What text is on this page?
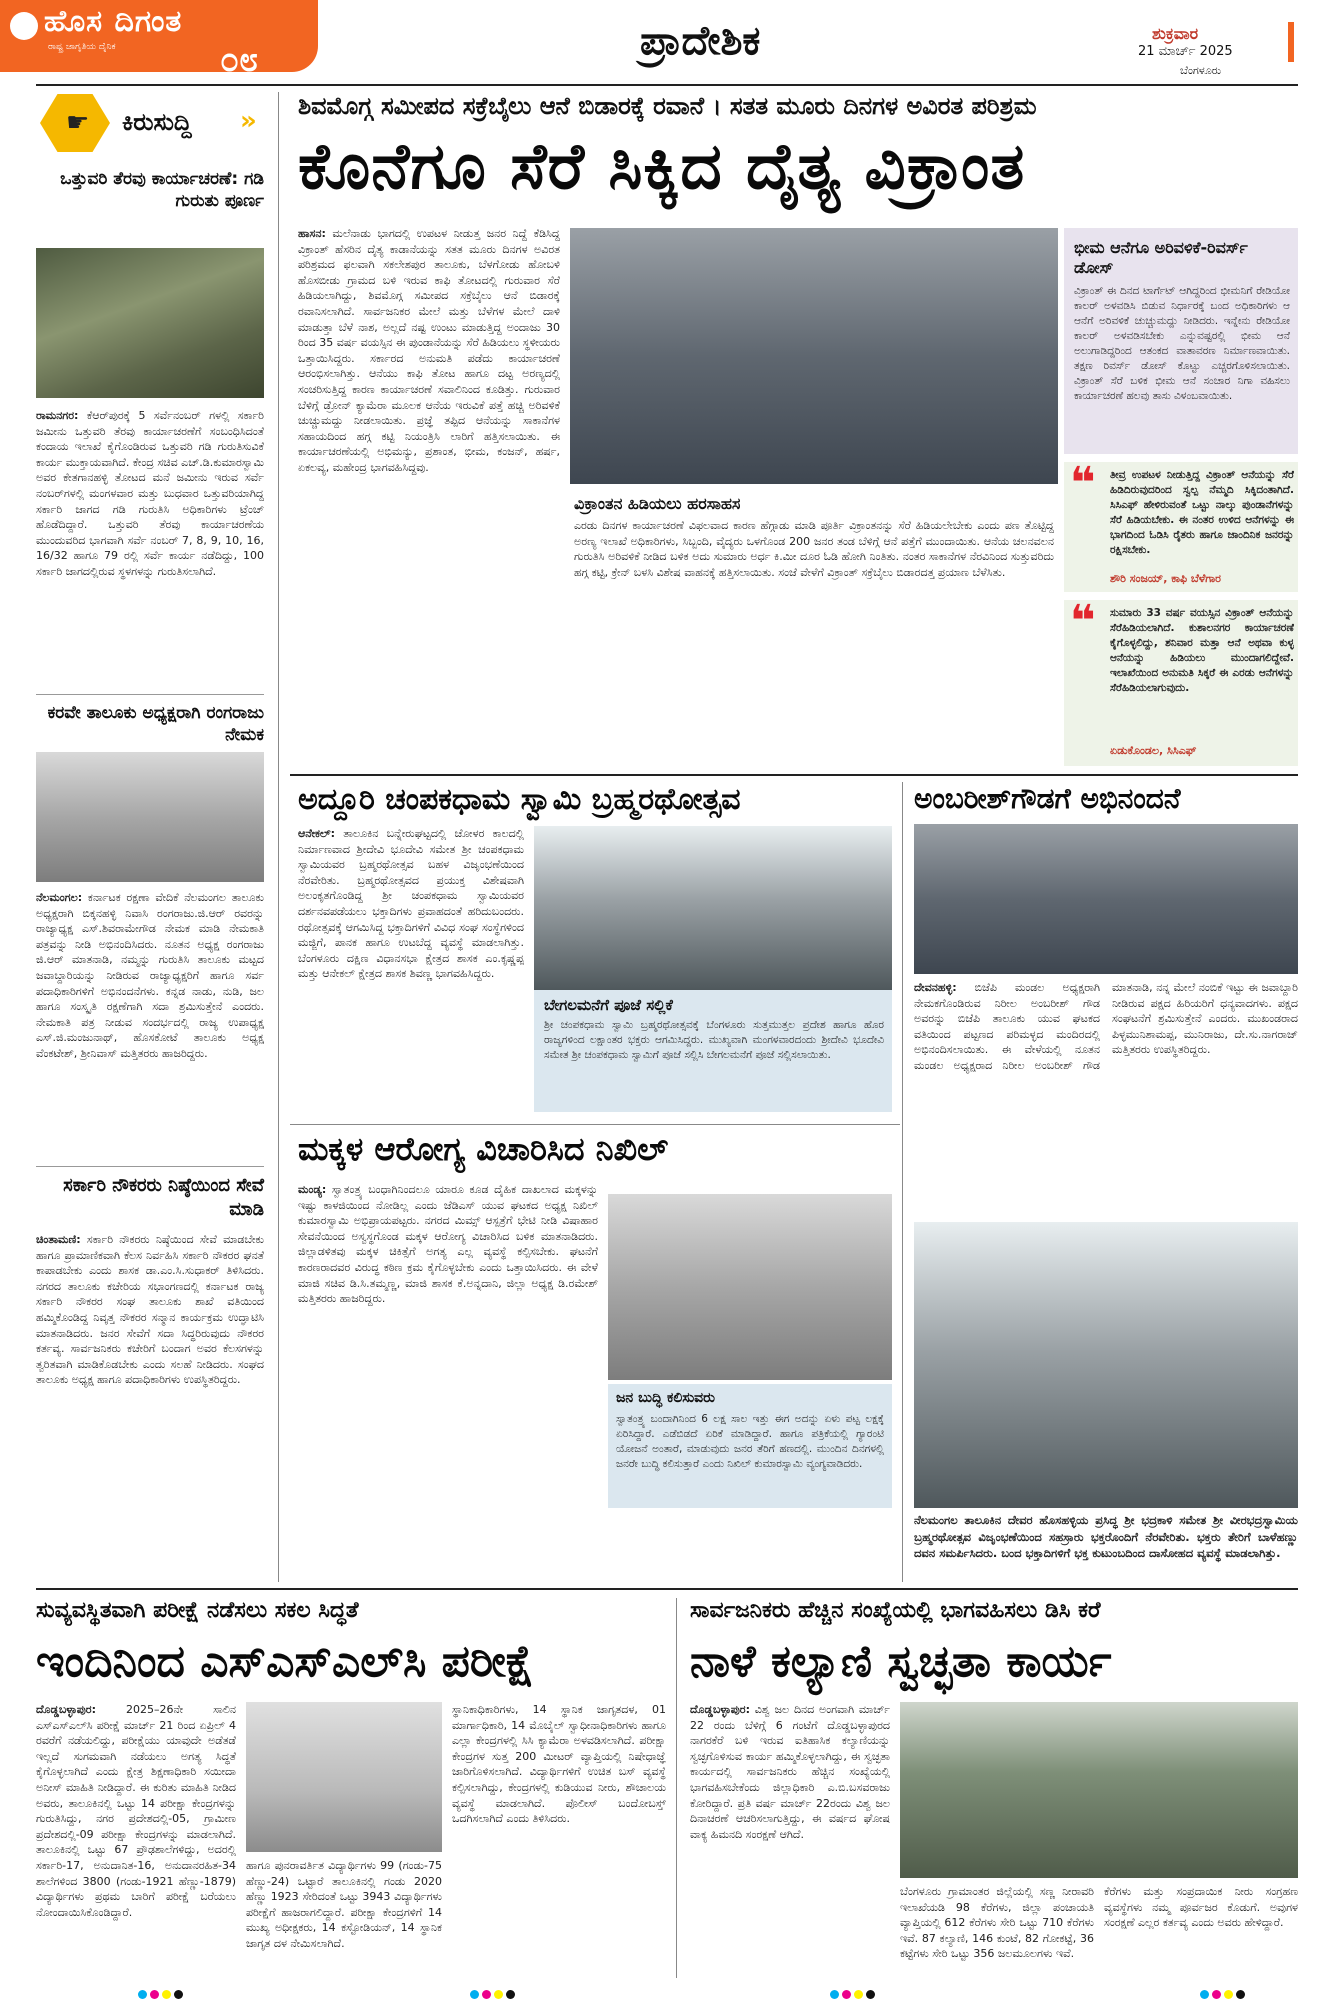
ಹೊಸ ದಿಗಂತ
ರಾಷ್ಟ್ರ ಜಾಗೃತಿಯ ದೈನಿಕ	೦೮	ಪ್ರಾದೇಶಿಕ	ಶುಕ್ರವಾರ
21 ಮಾರ್ಚ್ 2025
ಬೆಂಗಳೂರು
☛ ಕಿರುಸುದ್ದಿ »
ಒತ್ತುವರಿ ತೆರವು ಕಾರ್ಯಾಚರಣೆ: ಗಡಿ ಗುರುತು ಪೂರ್ಣ
ರಾಮನಗರ: ಕೆಆರ್‌ಪುರಕ್ಕೆ 5 ಸರ್ವೆನಂಬರ್ ಗಳಲ್ಲಿ ಸರ್ಕಾರಿ ಜಮೀನು ಒತ್ತುವರಿ ತೆರವು ಕಾರ್ಯಾಚರಣೆಗೆ ಸಂಬಂಧಿಸಿದಂತೆ ಕಂದಾಯ ಇಲಾಖೆ ಕೈಗೊಂಡಿರುವ ಒತ್ತುವರಿ ಗಡಿ ಗುರುತಿಸುವಿಕೆ ಕಾರ್ಯ ಮುಕ್ತಾಯವಾಗಿದೆ. ಕೇಂದ್ರ ಸಚಿವ ಎಚ್.ಡಿ.ಕುಮಾರಸ್ವಾಮಿ ಅವರ ಕೇತಗಾನಹಳ್ಳಿ ತೋಟದ ಮನೆ ಜಮೀನು ಇರುವ ಸರ್ವೆ ನಂಬರ್‌ಗಳಲ್ಲಿ ಮಂಗಳವಾರ ಮತ್ತು ಬುಧವಾರ ಒತ್ತುವರಿಯಾಗಿದ್ದ ಸರ್ಕಾರಿ ಜಾಗದ ಗಡಿ ಗುರುತಿಸಿ ಅಧಿಕಾರಿಗಳು ಟ್ರೆಂಚ್ ಹೊಡೆದಿದ್ದಾರೆ. ಒತ್ತುವರಿ ತೆರವು ಕಾರ್ಯಾಚರಣೆಯ ಮುಂದುವರಿದ ಭಾಗವಾಗಿ ಸರ್ವೆ ನಂಬರ್ 7, 8, 9, 10, 16, 16/32 ಹಾಗೂ 79 ರಲ್ಲಿ ಸರ್ವೆ ಕಾರ್ಯ ನಡೆದಿದ್ದು, 100 ಸರ್ಕಾರಿ ಜಾಗದಲ್ಲಿರುವ ಸ್ಥಳಗಳನ್ನು ಗುರುತಿಸಲಾಗಿದೆ.
ಕರವೇ ತಾಲೂಕು ಅಧ್ಯಕ್ಷರಾಗಿ ರಂಗರಾಜು ನೇಮಕ
ನೆಲಮಂಗಲ: ಕರ್ನಾಟಕ ರಕ್ಷಣಾ ವೇದಿಕೆ ನೆಲಮಂಗಲ ತಾಲೂಕು ಅಧ್ಯಕ್ಷರಾಗಿ ಬಿಕ್ಕನಹಳ್ಳಿ ನಿವಾಸಿ ರಂಗರಾಜು.ಜಿ.ಆರ್ ರವರನ್ನು ರಾಜ್ಯಾಧ್ಯಕ್ಷ ಎಸ್.ಶಿವರಾಮೇಗೌಡ ನೇಮಕ ಮಾಡಿ ನೇಮಕಾತಿ ಪತ್ರವನ್ನು ನೀಡಿ ಅಭಿನಂದಿಸಿದರು. ನೂತನ ಅಧ್ಯಕ್ಷ ರಂಗರಾಜು ಜಿ.ಆರ್ ಮಾತನಾಡಿ, ನಮ್ಮನ್ನು ಗುರುತಿಸಿ ತಾಲೂಕು ಮಟ್ಟದ ಜವಾಬ್ದಾರಿಯನ್ನು ನೀಡಿರುವ ರಾಜ್ಯಾಧ್ಯಕ್ಷರಿಗೆ ಹಾಗೂ ಸರ್ವ ಪದಾಧಿಕಾರಿಗಳಿಗೆ ಅಭಿನಂದನೆಗಳು. ಕನ್ನಡ ನಾಡು, ನುಡಿ, ಜಲ ಹಾಗೂ ಸಂಸ್ಕೃತಿ ರಕ್ಷಣೆಗಾಗಿ ಸದಾ ಶ್ರಮಿಸುತ್ತೇನೆ ಎಂದರು. ನೇಮಕಾತಿ ಪತ್ರ ನೀಡುವ ಸಂದರ್ಭದಲ್ಲಿ ರಾಜ್ಯ ಉಪಾಧ್ಯಕ್ಷ ಎಸ್.ಜಿ.ಮಂಜುನಾಥ್, ಹೊಸಕೋಟೆ ತಾಲೂಕು ಅಧ್ಯಕ್ಷ ವೆಂಕಟೇಶ್, ಶ್ರೀನಿವಾಸ್ ಮತ್ತಿತರರು ಹಾಜರಿದ್ದರು.
ಸರ್ಕಾರಿ ನೌಕರರು ನಿಷ್ಠೆಯಿಂದ ಸೇವೆ ಮಾಡಿ
ಚಿಂತಾಮಣಿ: ಸರ್ಕಾರಿ ನೌಕರರು ನಿಷ್ಠೆಯಿಂದ ಸೇವೆ ಮಾಡಬೇಕು ಹಾಗೂ ಪ್ರಾಮಾಣಿಕವಾಗಿ ಕೆಲಸ ನಿರ್ವಹಿಸಿ ಸರ್ಕಾರಿ ನೌಕರರ ಘನತೆ ಕಾಪಾಡಬೇಕು ಎಂದು ಶಾಸಕ ಡಾ.ಎಂ.ಸಿ.ಸುಧಾಕರ್ ತಿಳಿಸಿದರು. ನಗರದ ತಾಲೂಕು ಕಚೇರಿಯ ಸಭಾಂಗಣದಲ್ಲಿ ಕರ್ನಾಟಕ ರಾಜ್ಯ ಸರ್ಕಾರಿ ನೌಕರರ ಸಂಘ ತಾಲೂಕು ಶಾಖೆ ವತಿಯಿಂದ ಹಮ್ಮಿಕೊಂಡಿದ್ದ ನಿವೃತ್ತ ನೌಕರರ ಸನ್ಮಾನ ಕಾರ್ಯಕ್ರಮ ಉದ್ಘಾಟಿಸಿ ಮಾತನಾಡಿದರು. ಜನರ ಸೇವೆಗೆ ಸದಾ ಸಿದ್ಧರಿರುವುದು ನೌಕರರ ಕರ್ತವ್ಯ. ಸಾರ್ವಜನಿಕರು ಕಚೇರಿಗೆ ಬಂದಾಗ ಅವರ ಕೆಲಸಗಳನ್ನು ತ್ವರಿತವಾಗಿ ಮಾಡಿಕೊಡಬೇಕು ಎಂದು ಸಲಹೆ ನೀಡಿದರು. ಸಂಘದ ತಾಲೂಕು ಅಧ್ಯಕ್ಷ ಹಾಗೂ ಪದಾಧಿಕಾರಿಗಳು ಉಪಸ್ಥಿತರಿದ್ದರು.
ಶಿವಮೊಗ್ಗ ಸಮೀಪದ ಸಕ್ರೆಬೈಲು ಆನೆ ಬಿಡಾರಕ್ಕೆ ರವಾನೆ । ಸತತ ಮೂರು ದಿನಗಳ ಅವಿರತ ಪರಿಶ್ರಮ
ಕೊನೆಗೂ ಸೆರೆ ಸಿಕ್ಕಿದ ದೈತ್ಯ ವಿಕ್ರಾಂತ
ಹಾಸನ: ಮಲೆನಾಡು ಭಾಗದಲ್ಲಿ ಉಪಟಳ ನೀಡುತ್ತ ಜನರ ನಿದ್ದೆ ಕೆಡಿಸಿದ್ದ ವಿಕ್ರಾಂತ್ ಹೆಸರಿನ ದೈತ್ಯ ಕಾಡಾನೆಯನ್ನು ಸತತ ಮೂರು ದಿನಗಳ ಅವಿರತ ಪರಿಶ್ರಮದ ಫಲವಾಗಿ ಸಕಲೇಶಪುರ ತಾಲೂಕು, ಬೆಳಗೋಡು ಹೋಬಳಿ ಹೊಸಬೀಡು ಗ್ರಾಮದ ಬಳಿ ಇರುವ ಕಾಫಿ ತೋಟದಲ್ಲಿ ಗುರುವಾರ ಸೆರೆ ಹಿಡಿಯಲಾಗಿದ್ದು, ಶಿವಮೊಗ್ಗ ಸಮೀಪದ ಸಕ್ರೆಬೈಲು ಆನೆ ಬಿಡಾರಕ್ಕೆ ರವಾನಿಸಲಾಗಿದೆ. ಸಾರ್ವಜನಿಕರ ಮೇಲೆ ಮತ್ತು ಬೆಳೆಗಳ ಮೇಲೆ ದಾಳಿ ಮಾಡುತ್ತಾ ಬೆಳೆ ನಾಶ, ಅಲ್ಲದೆ ನಷ್ಟ ಉಂಟು ಮಾಡುತ್ತಿದ್ದ ಅಂದಾಜು 30 ರಿಂದ 35 ವರ್ಷ ವಯಸ್ಸಿನ ಈ ಪುಂಡಾನೆಯನ್ನು ಸೆರೆ ಹಿಡಿಯಲು ಸ್ಥಳೀಯರು ಒತ್ತಾಯಿಸಿದ್ದರು. ಸರ್ಕಾರದ ಅನುಮತಿ ಪಡೆದು ಕಾರ್ಯಾಚರಣೆ ಆರಂಭಿಸಲಾಗಿತ್ತು. ಆನೆಯು ಕಾಫಿ ತೋಟ ಹಾಗೂ ದಟ್ಟ ಅರಣ್ಯದಲ್ಲಿ ಸಂಚರಿಸುತ್ತಿದ್ದ ಕಾರಣ ಕಾರ್ಯಾಚರಣೆ ಸವಾಲಿನಿಂದ ಕೂಡಿತ್ತು. ಗುರುವಾರ ಬೆಳಿಗ್ಗೆ ಡ್ರೋನ್ ಕ್ಯಾಮೆರಾ ಮೂಲಕ ಆನೆಯ ಇರುವಿಕೆ ಪತ್ತೆ ಹಚ್ಚಿ ಅರಿವಳಿಕೆ ಚುಚ್ಚುಮದ್ದು ನೀಡಲಾಯಿತು. ಪ್ರಜ್ಞೆ ತಪ್ಪಿದ ಆನೆಯನ್ನು ಸಾಕಾನೆಗಳ ಸಹಾಯದಿಂದ ಹಗ್ಗ ಕಟ್ಟಿ ನಿಯಂತ್ರಿಸಿ ಲಾರಿಗೆ ಹತ್ತಿಸಲಾಯಿತು. ಈ ಕಾರ್ಯಾಚರಣೆಯಲ್ಲಿ ಅಭಿಮನ್ಯು, ಪ್ರಶಾಂತ, ಭೀಮ, ಕಂಜನ್, ಹರ್ಷ, ಏಕಲವ್ಯ, ಮಹೇಂದ್ರ ಭಾಗವಹಿಸಿದ್ದವು.
ವಿಕ್ರಾಂತನ ಹಿಡಿಯಲು ಹರಸಾಹಸ
ಎರಡು ದಿನಗಳ ಕಾರ್ಯಾಚರಣೆ ವಿಫಲವಾದ ಕಾರಣ ಹೆಗ್ಗಾಡು ಮಾಡಿ ಪೂರ್ತಿ ವಿಕ್ರಾಂತನನ್ನು ಸೆರೆ ಹಿಡಿಯಲೇಬೇಕು ಎಂದು ಪಣ ತೊಟ್ಟಿದ್ದ ಅರಣ್ಯ ಇಲಾಖೆ ಅಧಿಕಾರಿಗಳು, ಸಿಬ್ಬಂದಿ, ವೈದ್ಯರು ಒಳಗೊಂಡ 200 ಜನರ ತಂಡ ಬೆಳಿಗ್ಗೆ ಆನೆ ಪತ್ತೆಗೆ ಮುಂದಾಯಿತು. ಆನೆಯ ಚಲನವಲನ ಗುರುತಿಸಿ ಅರಿವಳಿಕೆ ನೀಡಿದ ಬಳಿಕ ಅದು ಸುಮಾರು ಅರ್ಧ ಕಿ.ಮೀ ದೂರ ಓಡಿ ಹೋಗಿ ನಿಂತಿತು. ನಂತರ ಸಾಕಾನೆಗಳ ನೆರವಿನಿಂದ ಸುತ್ತುವರಿದು ಹಗ್ಗ ಕಟ್ಟಿ, ಕ್ರೇನ್ ಬಳಸಿ ವಿಶೇಷ ವಾಹನಕ್ಕೆ ಹತ್ತಿಸಲಾಯಿತು. ಸಂಜೆ ವೇಳೆಗೆ ವಿಕ್ರಾಂತ್ ಸಕ್ರೆಬೈಲು ಬಿಡಾರದತ್ತ ಪ್ರಯಾಣ ಬೆಳೆಸಿತು.
ಭೀಮ ಆನೆಗೂ ಅರಿವಳಿಕೆ-ರಿವರ್ಸ್ ಡೋಸ್
ವಿಕ್ರಾಂತ್ ಈ ದಿನದ ಟಾರ್ಗೆಟ್ ಆಗಿದ್ದರಿಂದ ಭೀಮನಿಗೆ ರೇಡಿಯೋ ಕಾಲರ್ ಅಳವಡಿಸಿ ಬಿಡುವ ನಿರ್ಧಾರಕ್ಕೆ ಬಂದ ಅಧಿಕಾರಿಗಳು ಆ ಆನೆಗೆ ಅರಿವಳಿಕೆ ಚುಚ್ಚುಮದ್ದು ನೀಡಿದರು. ಇನ್ನೇನು ರೇಡಿಯೋ ಕಾಲರ್ ಅಳವಡಿಸಬೇಕು ಎನ್ನುವಷ್ಟರಲ್ಲಿ ಭೀಮ ಆನೆ ಅಲುಗಾಡಿದ್ದರಿಂದ ಆತಂಕದ ವಾತಾವರಣ ನಿರ್ಮಾಣವಾಯಿತು. ತಕ್ಷಣ ರಿವರ್ಸ್ ಡೋಸ್ ಕೊಟ್ಟು ಎಚ್ಚರಗೊಳಿಸಲಾಯಿತು. ವಿಕ್ರಾಂತ್ ಸೆರೆ ಬಳಿಕ ಭೀಮ ಆನೆ ಸಂಚಾರ ನಿಗಾ ವಹಿಸಲು ಕಾರ್ಯಾಚರಣೆ ಹಲವು ತಾಸು ವಿಳಂಬವಾಯಿತು.
❝ ತೀವ್ರ ಉಪಟಳ ನೀಡುತ್ತಿದ್ದ ವಿಕ್ರಾಂತ್ ಆನೆಯನ್ನು ಸೆರೆ ಹಿಡಿದಿರುವುದರಿಂದ ಸ್ವಲ್ಪ ನೆಮ್ಮದಿ ಸಿಕ್ಕಿದಂತಾಗಿದೆ. ಸಿಸಿಎಫ್ ಹೇಳಿರುವಂತೆ ಒಟ್ಟು ನಾಲ್ಕು ಪುಂಡಾನೆಗಳನ್ನು ಸೆರೆ ಹಿಡಿಯಬೇಕು. ಈ ನಂತರ ಉಳಿದ ಆನೆಗಳನ್ನು ಈ ಭಾಗದಿಂದ ಓಡಿಸಿ ರೈತರು ಹಾಗೂ ಜಾಂದಿನಿಕ ಜನರನ್ನು ರಕ್ಷಿಸಬೇಕು.
ಶೌರಿ ಸಂಜಯ್, ಕಾಫಿ ಬೆಳೆಗಾರ
❝ ಸುಮಾರು 33 ವರ್ಷ ವಯಸ್ಸಿನ ವಿಕ್ರಾಂತ್ ಆನೆಯನ್ನು ಸೆರೆಹಿಡಿಯಲಾಗಿದೆ. ಕುಶಾಲನಗರ ಕಾರ್ಯಾಚರಣೆ ಕೈಗೊಳ್ಳಲಿದ್ದು, ಶನಿವಾರ ಮತ್ತಾ ಆನೆ ಅಥವಾ ಕುಳ್ಳ ಆನೆಯನ್ನು ಹಿಡಿಯಲು ಮುಂದಾಗಲಿದ್ದೇವೆ. ಇಲಾಖೆಯಿಂದ ಅನುಮತಿ ಸಿಕ್ಕರೆ ಈ ಎರಡು ಆನೆಗಳನ್ನು ಸೆರೆಹಿಡಿಯಲಾಗುವುದು.
ಏಡುಕೊಂಡಲ, ಸಿಸಿಎಫ್
ಅದ್ದೂರಿ ಚಂಪಕಧಾಮ ಸ್ವಾಮಿ ಬ್ರಹ್ಮರಥೋತ್ಸವ
ಆನೇಕಲ್: ತಾಲೂಕಿನ ಬನ್ನೇರುಘಟ್ಟದಲ್ಲಿ ಚೋಳರ ಕಾಲದಲ್ಲಿ ನಿರ್ಮಾಣವಾದ ಶ್ರೀದೇವಿ ಭೂದೇವಿ ಸಮೇತ ಶ್ರೀ ಚಂಪಕಧಾಮ ಸ್ವಾಮಿಯವರ ಬ್ರಹ್ಮರಥೋತ್ಸವ ಬಹಳ ವಿಜೃಂಭಣೆಯಿಂದ ನೆರವೇರಿತು. ಬ್ರಹ್ಮರಥೋತ್ಸವದ ಪ್ರಯುಕ್ತ ವಿಶೇಷವಾಗಿ ಅಲಂಕೃತಗೊಂಡಿದ್ದ ಶ್ರೀ ಚಂಪಕಧಾಮ ಸ್ವಾಮಿಯವರ ದರ್ಶನವಪಡೆಯಲು ಭಕ್ತಾದಿಗಳು ಪ್ರವಾಹದಂತೆ ಹರಿದುಬಂದರು. ರಥೋತ್ಸವಕ್ಕೆ ಆಗಮಿಸಿದ್ದ ಭಕ್ತಾದಿಗಳಿಗೆ ವಿವಿಧ ಸಂಘ ಸಂಸ್ಥೆಗಳಿಂದ ಮಜ್ಜಿಗೆ, ಪಾನಕ ಹಾಗೂ ಉಟಬೆದ್ದ ವ್ಯವಸ್ಥೆ ಮಾಡಲಾಗಿತ್ತು. ಬೆಂಗಳೂರು ದಕ್ಷಿಣ ವಿಧಾನಸಭಾ ಕ್ಷೇತ್ರದ ಶಾಸಕ ಎಂ.ಕೃಷ್ಣಪ್ಪ ಮತ್ತು ಆನೇಕಲ್ ಕ್ಷೇತ್ರದ ಶಾಸಕ ಶಿವಣ್ಣ ಭಾಗವಹಿಸಿದ್ದರು.
ಬೇಗಲಮನೆಗೆ ಪೂಜೆ ಸಲ್ಲಿಕೆ
ಶ್ರೀ ಚಂಪಕಧಾಮ ಸ್ವಾಮಿ ಬ್ರಹ್ಮರಥೋತ್ಸವಕ್ಕೆ ಬೆಂಗಳೂರು ಸುತ್ತಮುತ್ತಲ ಪ್ರದೇಶ ಹಾಗೂ ಹೊರ ರಾಜ್ಯಗಳಿಂದ ಲಕ್ಷಾಂತರ ಭಕ್ತರು ಆಗಮಿಸಿದ್ದರು. ಮುಖ್ಯವಾಗಿ ಮಂಗಳವಾರದಂದು ಶ್ರೀದೇವಿ ಭೂದೇವಿ ಸಮೇತ ಶ್ರೀ ಚಂಪಕಧಾಮ ಸ್ವಾಮಿಗೆ ಪೂಜೆ ಸಲ್ಲಿಸಿ ಬೇಗಲಮನೆಗೆ ಪೂಜೆ ಸಲ್ಲಿಸಲಾಯಿತು.
ಅಂಬರೀಶ್‌ಗೌಡಗೆ ಅಭಿನಂದನೆ
ದೇವನಹಳ್ಳಿ: ಬಿಜೆಪಿ ಮಂಡಲ ಅಧ್ಯಕ್ಷರಾಗಿ ನೇಮಕಗೊಂಡಿರುವ ನಿರೀಲ ಅಂಬರೀಶ್ ಗೌಡ ಅವರನ್ನು ಬಿಜೆಪಿ ತಾಲೂಕು ಯುವ ಘಟಕದ ವತಿಯಿಂದ ಪಟ್ಟಣದ ಪರಿಮಳ್ಳದ ಮಂದಿರದಲ್ಲಿ ಅಭಿನಂದಿಸಲಾಯಿತು. ಈ ವೇಳೆಯಲ್ಲಿ ನೂತನ ಮಂಡಲ ಅಧ್ಯಕ್ಷರಾದ ನಿರೀಲ ಅಂಬರೀಶ್ ಗೌಡ ಮಾತನಾಡಿ, ನನ್ನ ಮೇಲೆ ನಂಬಿಕೆ ಇಟ್ಟು ಈ ಜವಾಬ್ದಾರಿ ನೀಡಿರುವ ಪಕ್ಷದ ಹಿರಿಯರಿಗೆ ಧನ್ಯವಾದಗಳು. ಪಕ್ಷದ ಸಂಘಟನೆಗೆ ಶ್ರಮಿಸುತ್ತೇನೆ ಎಂದರು. ಮುಖಂಡರಾದ ಪಿಳ್ಳಮುನಿಶಾಮಪ್ಪ, ಮುನಿರಾಜು, ದೇ.ಸು.ನಾಗರಾಜ್ ಮತ್ತಿತರರು ಉಪಸ್ಥಿತರಿದ್ದರು.
ಮಕ್ಕಳ ಆರೋಗ್ಯ ವಿಚಾರಿಸಿದ ನಿಖಿಲ್
ಮಂಡ್ಯ: ಸ್ವಾತಂತ್ರ್ಯ ಬಂಧಾಗಿನಿಂದಲೂ ಯಾರೂ ಕೂಡ ದೈಹಿಕ ದಾಖಲಾದ ಮಕ್ಕಳನ್ನು ಇಷ್ಟು ಕಾಳಜಿಯಿಂದ ನೋಡಿಲ್ಲ ಎಂದು ಜೆಡಿಎಸ್ ಯುವ ಘಟಕದ ಅಧ್ಯಕ್ಷ ನಿಖಿಲ್ ಕುಮಾರಸ್ವಾಮಿ ಅಭಿಪ್ರಾಯಪಟ್ಟರು. ನಗರದ ಮಿಮ್ಸ್ ಆಸ್ಪತ್ರೆಗೆ ಭೇಟಿ ನೀಡಿ ವಿಷಾಹಾರ ಸೇವನೆಯಿಂದ ಅಸ್ವಸ್ಥಗೊಂಡ ಮಕ್ಕಳ ಆರೋಗ್ಯ ವಿಚಾರಿಸಿದ ಬಳಿಕ ಮಾತನಾಡಿದರು. ಜಿಲ್ಲಾಡಳಿತವು ಮಕ್ಕಳ ಚಿಕಿತ್ಸೆಗೆ ಅಗತ್ಯ ಎಲ್ಲ ವ್ಯವಸ್ಥೆ ಕಲ್ಪಿಸಬೇಕು. ಘಟನೆಗೆ ಕಾರಣರಾದವರ ವಿರುದ್ಧ ಕಠಿಣ ಕ್ರಮ ಕೈಗೊಳ್ಳಬೇಕು ಎಂದು ಒತ್ತಾಯಿಸಿದರು. ಈ ವೇಳೆ ಮಾಜಿ ಸಚಿವ ಡಿ.ಸಿ.ತಮ್ಮಣ್ಣ, ಮಾಜಿ ಶಾಸಕ ಕೆ.ಅನ್ನದಾನಿ, ಜಿಲ್ಲಾ ಅಧ್ಯಕ್ಷ ಡಿ.ರಮೇಶ್ ಮತ್ತಿತರರು ಹಾಜರಿದ್ದರು.
ಜನ ಬುದ್ಧಿ ಕಲಿಸುವರು
ಸ್ವಾತಂತ್ರ್ಯ ಬಂದಾಗಿನಿಂದ 6 ಲಕ್ಷ ಸಾಲ ಇತ್ತು ಈಗ ಅದನ್ನು ಏಳು ಪಟ್ಟ ಲಕ್ಷಕ್ಕೆ ಏರಿಸಿದ್ದಾರೆ. ಎಡೆಬಿಡದೆ ಏರಿಕೆ ಮಾಡಿದ್ದಾರೆ. ಹಾಗೂ ಪತ್ರಿಕೆಯಲ್ಲಿ ಗ್ಯಾರಂಟಿ ಯೋಜನೆ ಅಂತಾರೆ, ಮಾಡುವುದು ಜನರ ತೆರಿಗೆ ಹಣದಲ್ಲಿ. ಮುಂದಿನ ದಿನಗಳಲ್ಲಿ ಜನರೇ ಬುದ್ಧಿ ಕಲಿಸುತ್ತಾರೆ ಎಂದು ನಿಖಿಲ್ ಕುಮಾರಸ್ವಾಮಿ ವ್ಯಂಗ್ಯವಾಡಿದರು.
ನೆಲಮಂಗಲ ತಾಲೂಕಿನ ದೇವರ ಹೊಸಹಳ್ಳಿಯ ಪ್ರಸಿದ್ಧ ಶ್ರೀ ಭದ್ರಕಾಳಿ ಸಮೇತ ಶ್ರೀ ವೀರಭದ್ರಸ್ವಾಮಿಯ ಬ್ರಹ್ಮರಥೋತ್ಸವ ವಿಜೃಂಭಣೆಯಿಂದ ಸಹಸ್ರಾರು ಭಕ್ತರೊಂದಿಗೆ ನೆರವೇರಿತು. ಭಕ್ತರು ತೇರಿಗೆ ಬಾಳೆಹಣ್ಣು ದವನ ಸಮರ್ಪಿಸಿದರು. ಬಂದ ಭಕ್ತಾದಿಗಳಿಗೆ ಭಕ್ತ ಕುಟುಂಬದಿಂದ ದಾಸೋಹದ ವ್ಯವಸ್ಥೆ ಮಾಡಲಾಗಿತ್ತು.
ಸುವ್ಯವಸ್ಥಿತವಾಗಿ ಪರೀಕ್ಷೆ ನಡೆಸಲು ಸಕಲ ಸಿದ್ಧತೆ
ಇಂದಿನಿಂದ ಎಸ್‌ಎಸ್‌ಎಲ್‌ಸಿ ಪರೀಕ್ಷೆ
ದೊಡ್ಡಬಳ್ಳಾಪುರ:	2025–26ನೇ ಸಾಲಿನ ಎಸ್‌ಎಸ್‌ಎಲ್‌ಸಿ ಪರೀಕ್ಷೆ ಮಾರ್ಚ್ 21 ರಿಂದ ಏಪ್ರಿಲ್ 4 ರವರೆಗೆ ನಡೆಯಲಿದ್ದು, ಪರೀಕ್ಷೆಯು ಯಾವುದೇ ಅಡೆತಡೆ ಇಲ್ಲದೆ ಸುಗಮವಾಗಿ ನಡೆಯಲು ಅಗತ್ಯ ಸಿದ್ಧತೆ ಕೈಗೊಳ್ಳಲಾಗಿದೆ ಎಂದು ಕ್ಷೇತ್ರ ಶಿಕ್ಷಣಾಧಿಕಾರಿ ಸಯೀದಾ ಅನೀಸ್ ಮಾಹಿತಿ ನೀಡಿದ್ದಾರೆ. ಈ ಕುರಿತು ಮಾಹಿತಿ ನೀಡಿದ ಅವರು, ತಾಲೂಕಿನಲ್ಲಿ ಒಟ್ಟು 14 ಪರೀಕ್ಷಾ ಕೇಂದ್ರಗಳನ್ನು ಗುರುತಿಸಿದ್ದು, ನಗರ ಪ್ರದೇಶದಲ್ಲಿ-05, ಗ್ರಾಮೀಣ ಪ್ರದೇಶದಲ್ಲಿ-09 ಪರೀಕ್ಷಾ ಕೇಂದ್ರಗಳನ್ನು ಮಾಡಲಾಗಿದೆ. ತಾಲೂಕಿನಲ್ಲಿ ಒಟ್ಟು 67 ಪ್ರೌಢಶಾಲೆಗಳಿದ್ದು, ಅದರಲ್ಲಿ ಸರ್ಕಾರಿ-17, ಅನುದಾನಿತ-16, ಅನುದಾನರಹಿತ-34 ಶಾಲೆಗಳಿಂದ 3800 (ಗಂಡು-1921 ಹೆಣ್ಣು-1879) ವಿದ್ಯಾರ್ಥಿಗಳು ಪ್ರಥಮ ಬಾರಿಗೆ ಪರೀಕ್ಷೆ ಬರೆಯಲು ನೋಂದಾಯಿಸಿಕೊಂಡಿದ್ದಾರೆ.
ಹಾಗೂ ಪುನರಾವರ್ತಿತ ವಿದ್ಯಾರ್ಥಿಗಳು 99 (ಗಂಡು-75 ಹೆಣ್ಣು-24) ಒಟ್ಟಾರೆ ತಾಲೂಕಿನಲ್ಲಿ ಗಂಡು 2020 ಹೆಣ್ಣು 1923 ಸೇರಿದಂತೆ ಒಟ್ಟು 3943 ವಿದ್ಯಾರ್ಥಿಗಳು ಪರೀಕ್ಷೆಗೆ ಹಾಜರಾಗಲಿದ್ದಾರೆ. ಪರೀಕ್ಷಾ ಕೇಂದ್ರಗಳಿಗೆ 14 ಮುಖ್ಯ ಅಧೀಕ್ಷಕರು, 14 ಕಸ್ಟೋಡಿಯನ್, 14 ಸ್ಥಾನಿಕ ಜಾಗೃತ ದಳ ನೇಮಿಸಲಾಗಿದೆ.
ಸ್ಥಾನಿಕಾಧಿಕಾರಿಗಳು, 14 ಸ್ಥಾನಿಕ ಜಾಗೃತದಳ, 01 ಮಾರ್ಗಾಧಿಕಾರಿ, 14 ಮೊಬೈಲ್ ಸ್ವಾಧೀನಾಧಿಕಾರಿಗಳು ಹಾಗೂ ಎಲ್ಲಾ ಕೇಂದ್ರಗಳಲ್ಲಿ ಸಿಸಿ ಕ್ಯಾಮೆರಾ ಅಳವಡಿಸಲಾಗಿದೆ. ಪರೀಕ್ಷಾ ಕೇಂದ್ರಗಳ ಸುತ್ತ 200 ಮೀಟರ್ ವ್ಯಾಪ್ತಿಯಲ್ಲಿ ನಿಷೇಧಾಜ್ಞೆ ಜಾರಿಗೊಳಿಸಲಾಗಿದೆ. ವಿದ್ಯಾರ್ಥಿಗಳಿಗೆ ಉಚಿತ ಬಸ್ ವ್ಯವಸ್ಥೆ ಕಲ್ಪಿಸಲಾಗಿದ್ದು, ಕೇಂದ್ರಗಳಲ್ಲಿ ಕುಡಿಯುವ ನೀರು, ಶೌಚಾಲಯ ವ್ಯವಸ್ಥೆ ಮಾಡಲಾಗಿದೆ. ಪೊಲೀಸ್ ಬಂದೋಬಸ್ತ್ ಒದಗಿಸಲಾಗಿದೆ ಎಂದು ತಿಳಿಸಿದರು.
ಸಾರ್ವಜನಿಕರು ಹೆಚ್ಚಿನ ಸಂಖ್ಯೆಯಲ್ಲಿ ಭಾಗವಹಿಸಲು ಡಿಸಿ ಕರೆ
ನಾಳೆ ಕಲ್ಯಾಣಿ ಸ್ವಚ್ಛತಾ ಕಾರ್ಯ
ದೊಡ್ಡಬಳ್ಳಾಪುರ: ವಿಶ್ವ ಜಲ ದಿನದ ಅಂಗವಾಗಿ ಮಾರ್ಚ್ 22 ರಂದು ಬೆಳಿಗ್ಗೆ 6 ಗಂಟೆಗೆ ದೊಡ್ಡಬಳ್ಳಾಪುರದ ನಾಗರಕೆರೆ ಬಳಿ ಇರುವ ಐತಿಹಾಸಿಕ ಕಲ್ಯಾಣಿಯನ್ನು ಸ್ವಚ್ಛಗೊಳಿಸುವ ಕಾರ್ಯ ಹಮ್ಮಿಕೊಳ್ಳಲಾಗಿದ್ದು, ಈ ಸ್ವಚ್ಛತಾ ಕಾರ್ಯದಲ್ಲಿ ಸಾರ್ವಜನಿಕರು ಹೆಚ್ಚಿನ ಸಂಖ್ಯೆಯಲ್ಲಿ ಭಾಗವಹಿಸಬೇಕೆಂದು ಜಿಲ್ಲಾಧಿಕಾರಿ ಎ.ಬಿ.ಬಸವರಾಜು ಕೋರಿದ್ದಾರೆ. ಪ್ರತಿ ವರ್ಷ ಮಾರ್ಚ್ 22ರಂದು ವಿಶ್ವ ಜಲ ದಿನಾಚರಣೆ ಆಚರಿಸಲಾಗುತ್ತಿದ್ದು, ಈ ವರ್ಷದ ಘೋಷ ವಾಕ್ಯ ಹಿಮನದಿ ಸಂರಕ್ಷಣೆ ಆಗಿದೆ.
ಬೆಂಗಳೂರು ಗ್ರಾಮಾಂತರ ಜಿಲ್ಲೆಯಲ್ಲಿ ಸಣ್ಣ ನೀರಾವರಿ ಇಲಾಖೆಯಡಿ 98 ಕೆರೆಗಳು, ಜಿಲ್ಲಾ ಪಂಚಾಯತಿ ವ್ಯಾಪ್ತಿಯಲ್ಲಿ 612 ಕೆರೆಗಳು ಸೇರಿ ಒಟ್ಟು 710 ಕೆರೆಗಳು ಇವೆ. 87 ಕಲ್ಯಾಣಿ, 146 ಕುಂಟೆ, 82 ಗೋಕಟ್ಟೆ, 36 ಕಟ್ಟೆಗಳು ಸೇರಿ ಒಟ್ಟು 356 ಜಲಮೂಲಗಳು ಇವೆ.
ಕೆರೆಗಳು ಮತ್ತು ಸಂಪ್ರದಾಯಿಕ ನೀರು ಸಂಗ್ರಹಣ ವ್ಯವಸ್ಥೆಗಳು ನಮ್ಮ ಪೂರ್ವಜರ ಕೊಡುಗೆ. ಅವುಗಳ ಸಂರಕ್ಷಣೆ ಎಲ್ಲರ ಕರ್ತವ್ಯ ಎಂದು ಅವರು ಹೇಳಿದ್ದಾರೆ.
